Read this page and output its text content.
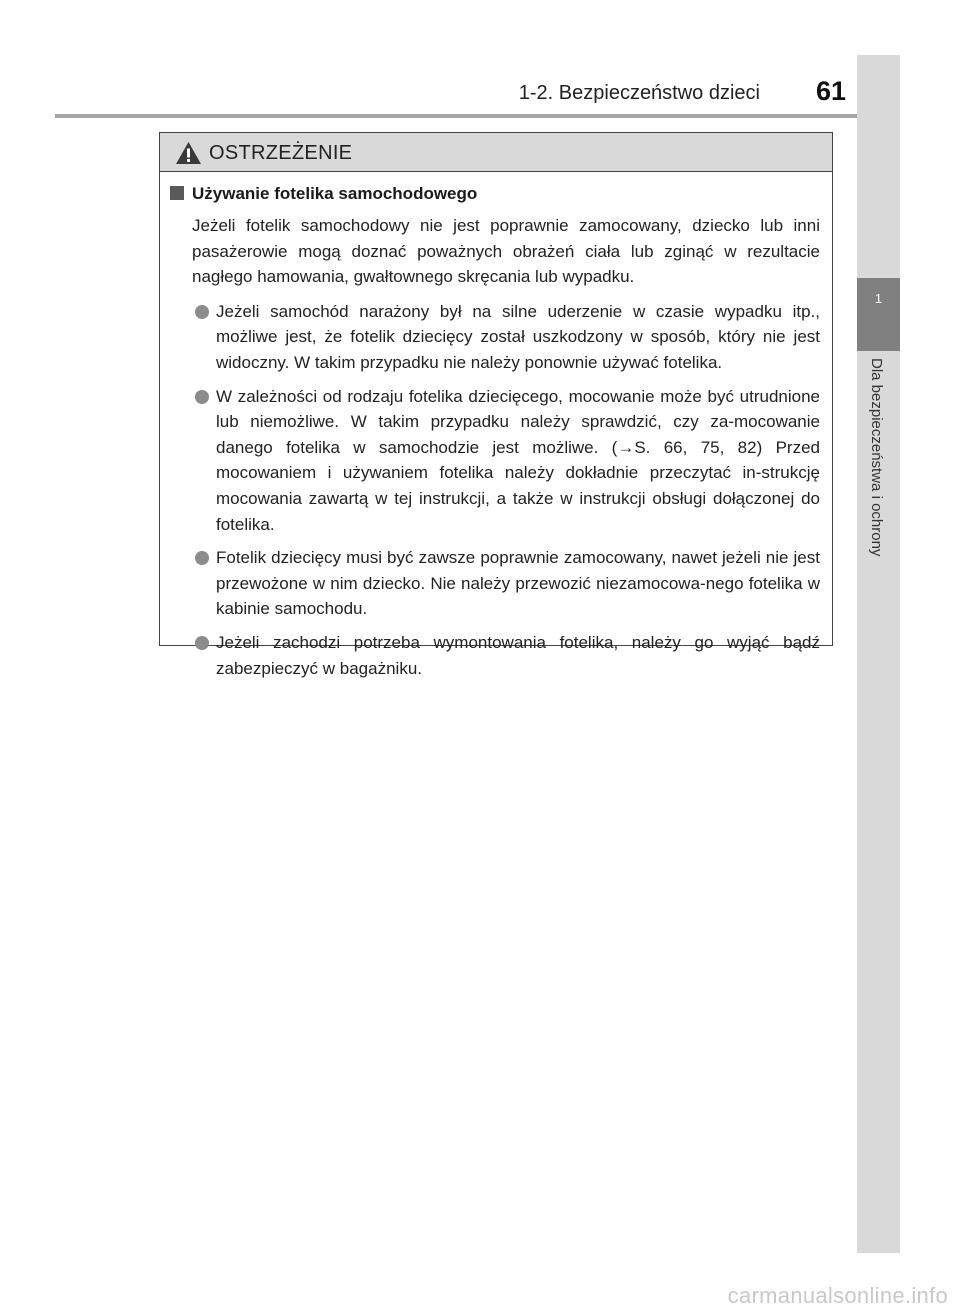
1-2. Bezpieczeństwo dzieci	61
1
Dla bezpieczeństwa i ochrony
OSTRZEŻENIE
Używanie fotelika samochodowego
Jeżeli fotelik samochodowy nie jest poprawnie zamocowany, dziecko lub inni pasażerowie mogą doznać poważnych obrażeń ciała lub zginąć w rezultacie nagłego hamowania, gwałtownego skręcania lub wypadku.
Jeżeli samochód narażony był na silne uderzenie w czasie wypadku itp., możliwe jest, że fotelik dziecięcy został uszkodzony w sposób, który nie jest widoczny. W takim przypadku nie należy ponownie używać fotelika.
W zależności od rodzaju fotelika dziecięcego, mocowanie może być utrudnione lub niemożliwe. W takim przypadku należy sprawdzić, czy za-mocowanie danego fotelika w samochodzie jest możliwe. (→S. 66, 75, 82) Przed mocowaniem i używaniem fotelika należy dokładnie przeczytać in-strukcję mocowania zawartą w tej instrukcji, a także w instrukcji obsługi dołączonej do fotelika.
Fotelik dziecięcy musi być zawsze poprawnie zamocowany, nawet jeżeli nie jest przewożone w nim dziecko. Nie należy przewozić niezamocowa-nego fotelika w kabinie samochodu.
Jeżeli zachodzi potrzeba wymontowania fotelika, należy go wyjąć bądź zabezpieczyć w bagażniku.
carmanualsonline.info
